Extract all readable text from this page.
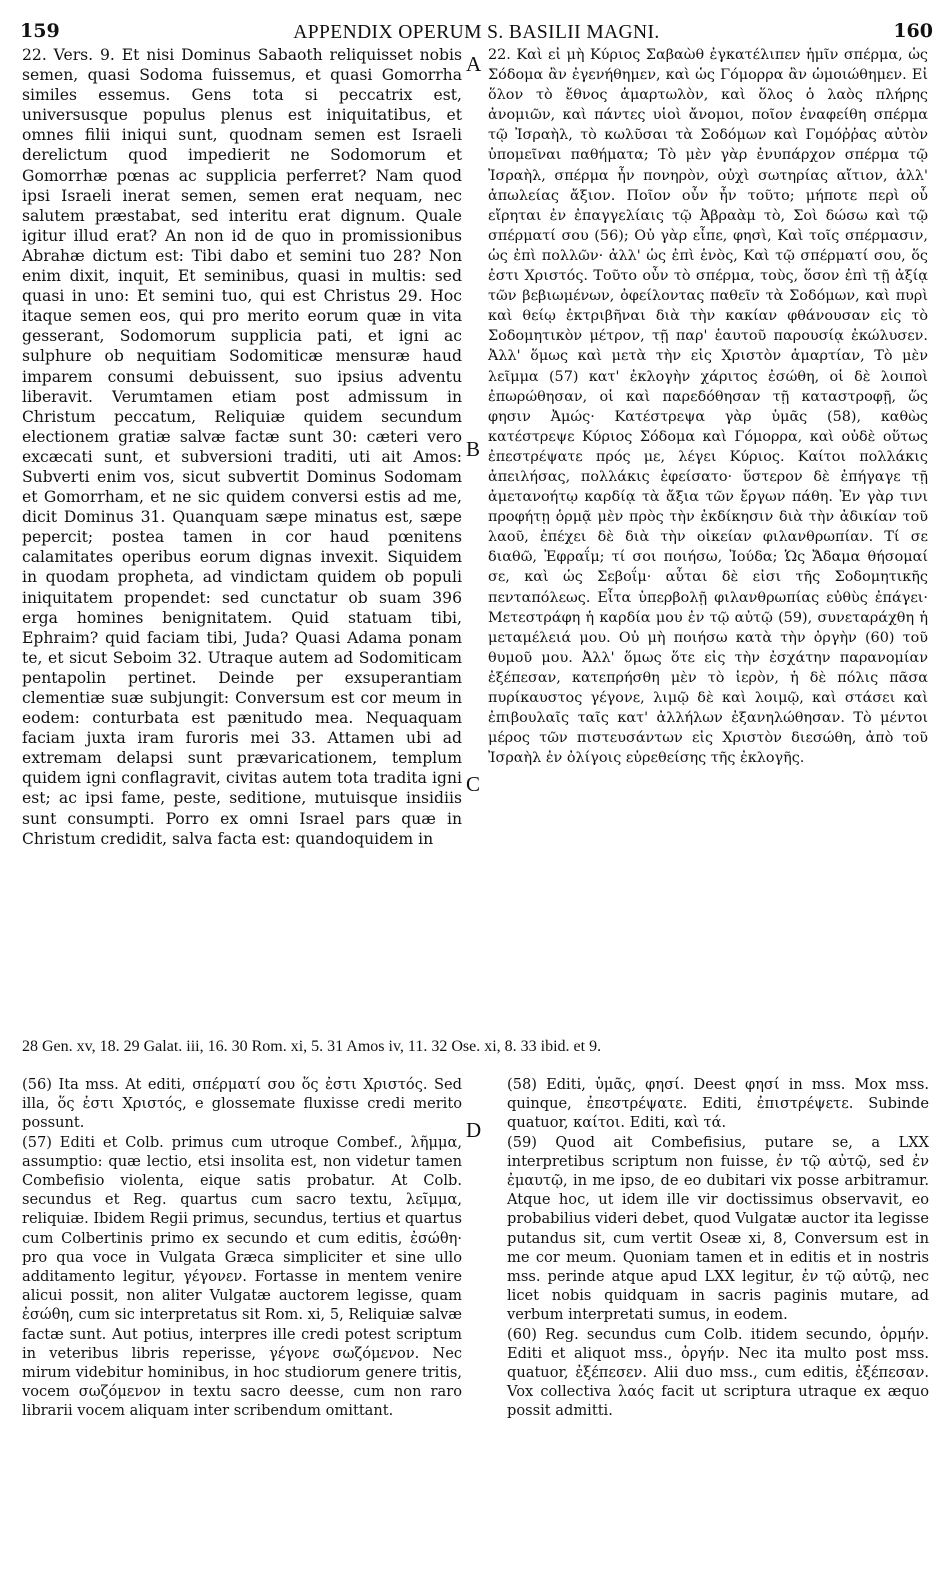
159	APPENDIX OPERUM S. BASILII MAGNI.	160

22. Vers. 9. Et nisi Dominus Sabaoth reliquisset nobis semen, quasi Sodoma fuissemus, et quasi Gomorrha similes essemus. Gens tota si peccatrix est, universusque populus plenus est iniquitatibus, et omnes filii iniqui sunt, quodnam semen est Israeli derelictum quod impedierit ne Sodomorum et Gomorrhæ pœnas ac supplicia perferret? Nam quod ipsi Israeli inerat semen, semen erat nequam, nec salutem præstabat, sed interitu erat dignum. Quale igitur illud erat? An non id de quo in promissionibus Abrahæ dictum est: Tibi dabo et semini tuo 28? Non enim dixit, inquit, Et seminibus, quasi in multis: sed quasi in uno: Et semini tuo, qui est Christus 29. Hoc itaque semen eos, qui pro merito eorum quæ in vita gesserant, Sodomorum supplicia pati, et igni ac sulphure ob nequitiam Sodomiticæ mensuræ haud imparem consumi debuissent, suo ipsius adventu liberavit. Verumtamen etiam post admissum in Christum peccatum, Reliquiæ quidem secundum electionem gratiæ salvæ factæ sunt 30: cæteri vero excæcati sunt, et subversioni traditi, uti ait Amos: Subverti enim vos, sicut subvertit Dominus Sodomam et Gomorrham, et ne sic quidem conversi estis ad me, dicit Dominus 31. Quanquam sæpe minatus est, sæpe pepercit; postea tamen in cor haud pœnitens calamitates operibus eorum dignas invexit. Siquidem in quodam propheta, ad vindictam quidem ob populi iniquitatem propendet: sed cunctatur ob suam 396 erga homines benignitatem. Quid statuam tibi, Ephraim? quid faciam tibi, Juda? Quasi Adama ponam te, et sicut Seboim 32. Utraque autem ad Sodomiticam pentapolin pertinet. Deinde per exsuperantiam clementiæ suæ subjungit: Conversum est cor meum in eodem: conturbata est pænitudo mea. Nequaquam faciam juxta iram furoris mei 33. Attamen ubi ad extremam delapsi sunt prævaricationem, templum quidem igni conflagravit, civitas autem tota tradita igni est; ac ipsi fame, peste, seditione, mutuisque insidiis sunt consumpti. Porro ex omni Israel pars quæ in Christum credidit, salva facta est: quandoquidem in

22. Καὶ εἰ μὴ Κύριος Σαβαὼθ ἐγκατέλιπεν ἡμῖν σπέρμα, ὡς Σόδομα ἂν ἐγενήθημεν, καὶ ὡς Γόμορρα ἂν ὡμοιώθημεν. Εἰ ὅλον τὸ ἔθνος ἁμαρτωλὸν, καὶ ὅλος ὁ λαὸς πλήρης ἀνομιῶν, καὶ πάντες υἱοὶ ἄνομοι, ποῖον ἐναφείθη σπέρμα τῷ Ἰσραὴλ, τὸ κωλῦσαι τὰ Σοδόμων καὶ Γομόῤῥας αὐτὸν ὑπομεῖναι παθήματα; Τὸ μὲν γὰρ ἐνυπάρχον σπέρμα τῷ Ἰσραὴλ, σπέρμα ἦν πονηρὸν, οὐχὶ σωτηρίας αἴτιον, ἀλλ' ἀπωλείας ἄξιον. Ποῖον οὖν ἦν τοῦτο; μήποτε περὶ οὗ εἴρηται ἐν ἐπαγγελίαις τῷ Ἀβραὰμ τὸ, Σοὶ δώσω καὶ τῷ σπέρματί σου (56); Οὐ γὰρ εἶπε, φησὶ, Καὶ τοῖς σπέρμασιν, ὡς ἐπὶ πολλῶν· ἀλλ' ὡς ἐπὶ ἑνὸς, Καὶ τῷ σπέρματί σου, ὅς ἐστι Χριστός. Τοῦτο οὖν τὸ σπέρμα, τοὺς, ὅσον ἐπὶ τῇ ἀξίᾳ τῶν βεβιωμένων, ὀφείλοντας παθεῖν τὰ Σοδόμων, καὶ πυρὶ καὶ θείῳ ἐκτριβῆναι διὰ τὴν κακίαν φθάνουσαν εἰς τὸ Σοδομητικὸν μέτρον, τῇ παρ' ἑαυτοῦ παρουσίᾳ ἐκώλυσεν. Ἀλλ' ὅμως καὶ μετὰ τὴν εἰς Χριστὸν ἁμαρτίαν, Τὸ μὲν λεῖμμα (57) κατ' ἐκλογὴν χάριτος ἐσώθη, οἱ δὲ λοιποὶ ἐπωρώθησαν, οἱ καὶ παρεδόθησαν τῇ καταστροφῇ, ὥς φησιν Ἀμώς· Κατέστρεψα γὰρ ὑμᾶς (58), καθὼς κατέστρεψε Κύριος Σόδομα καὶ Γόμορρα, καὶ οὐδὲ οὕτως ἐπεστρέψατε πρός με, λέγει Κύριος. Καίτοι πολλάκις ἀπειλήσας, πολλάκις ἐφείσατο· ὕστερον δὲ ἐπήγαγε τῇ ἀμετανοήτῳ καρδίᾳ τὰ ἄξια τῶν ἔργων πάθη. Ἐν γὰρ τινι προφήτῃ ὁρμᾷ μὲν πρὸς τὴν ἐκδίκησιν διὰ τὴν ἀδικίαν τοῦ λαοῦ, ἐπέχει δὲ διὰ τὴν οἰκείαν φιλανθρωπίαν. Τί σε διαθῶ, Ἐφραΐμ; τί σοι ποιήσω, Ἰούδα; Ὡς Ἄδαμα θήσομαί σε, καὶ ὡς Σεβοΐμ· αὗται δὲ εἰσι τῆς Σοδομητικῆς πενταπόλεως. Εἶτα ὑπερβολῇ φιλανθρωπίας εὐθὺς ἐπάγει· Μετεστράφη ἡ καρδία μου ἐν τῷ αὐτῷ (59), συνεταράχθη ἡ μεταμέλειά μου. Οὐ μὴ ποιήσω κατὰ τὴν ὀργὴν (60) τοῦ θυμοῦ μου. Ἀλλ' ὅμως ὅτε εἰς τὴν ἐσχάτην παρανομίαν ἐξέπεσαν, κατεπρήσθη μὲν τὸ ἱερὸν, ἡ δὲ πόλις πᾶσα πυρίκαυστος γέγονε, λιμῷ δὲ καὶ λοιμῷ, καὶ στάσει καὶ ἐπιβουλαῖς ταῖς κατ' ἀλλήλων ἐξανηλώθησαν. Τὸ μέντοι μέρος τῶν πιστευσάντων εἰς Χριστὸν διεσώθη, ἀπὸ τοῦ Ἰσραὴλ ἐν ὀλίγοις εὑρεθείσης τῆς ἐκλογῆς.

A
B
C
D
28 Gen. xv, 18. 29 Galat. iii, 16. 30 Rom. xi, 5. 31 Amos iv, 11. 32 Ose. xi, 8. 33 ibid. et 9.

(56) Ita mss. At editi, σπέρματί σου ὅς ἐστι Χριστός. Sed illa, ὅς ἐστι Χριστός, e glossemate fluxisse credi merito possunt.

(57) Editi et Colb. primus cum utroque Combef., λῆμμα, assumptio: quæ lectio, etsi insolita est, non videtur tamen Combefisio violenta, eique satis probatur. At Colb. secundus et Reg. quartus cum sacro textu, λεῖμμα, reliquiæ. Ibidem Regii primus, secundus, tertius et quartus cum Colbertinis primo ex secundo et cum editis, ἐσώθη· pro qua voce in Vulgata Græca simpliciter et sine ullo additamento legitur, γέγονεν. Fortasse in mentem venire alicui possit, non aliter Vulgatæ auctorem legisse, quam ἐσώθη, cum sic interpretatus sit Rom. xi, 5, Reliquiæ salvæ factæ sunt. Aut potius, interpres ille credi potest scriptum in veteribus libris reperisse, γέγονε σωζόμενον. Nec mirum videbitur hominibus, in hoc studiorum genere tritis, vocem σωζόμενον in textu sacro deesse, cum non raro librarii vocem aliquam inter scribendum omittant.

(58) Editi, ὑμᾶς, φησί. Deest φησί in mss. Mox mss. quinque, ἐπεστρέψατε. Editi, ἐπιστρέψετε. Subinde quatuor, καίτοι. Editi, καὶ τά.

(59) Quod ait Combefisius, putare se, a LXX interpretibus scriptum non fuisse, ἐν τῷ αὐτῷ, sed ἐν ἐμαυτῷ, in me ipso, de eo dubitari vix posse arbitramur. Atque hoc, ut idem ille vir doctissimus observavit, eo probabilius videri debet, quod Vulgatæ auctor ita legisse putandus sit, cum vertit Oseæ xi, 8, Conversum est in me cor meum. Quoniam tamen et in editis et in nostris mss. perinde atque apud LXX legitur, ἐν τῷ αὐτῷ, nec licet nobis quidquam in sacris paginis mutare, ad verbum interpretati sumus, in eodem.

(60) Reg. secundus cum Colb. itidem secundo, ὁρμήν. Editi et aliquot mss., ὀργήν. Nec ita multo post mss. quatuor, ἐξέπεσεν. Alii duo mss., cum editis, ἐξέπεσαν. Vox collectiva λαός facit ut scriptura utraque ex æquo possit admitti.
